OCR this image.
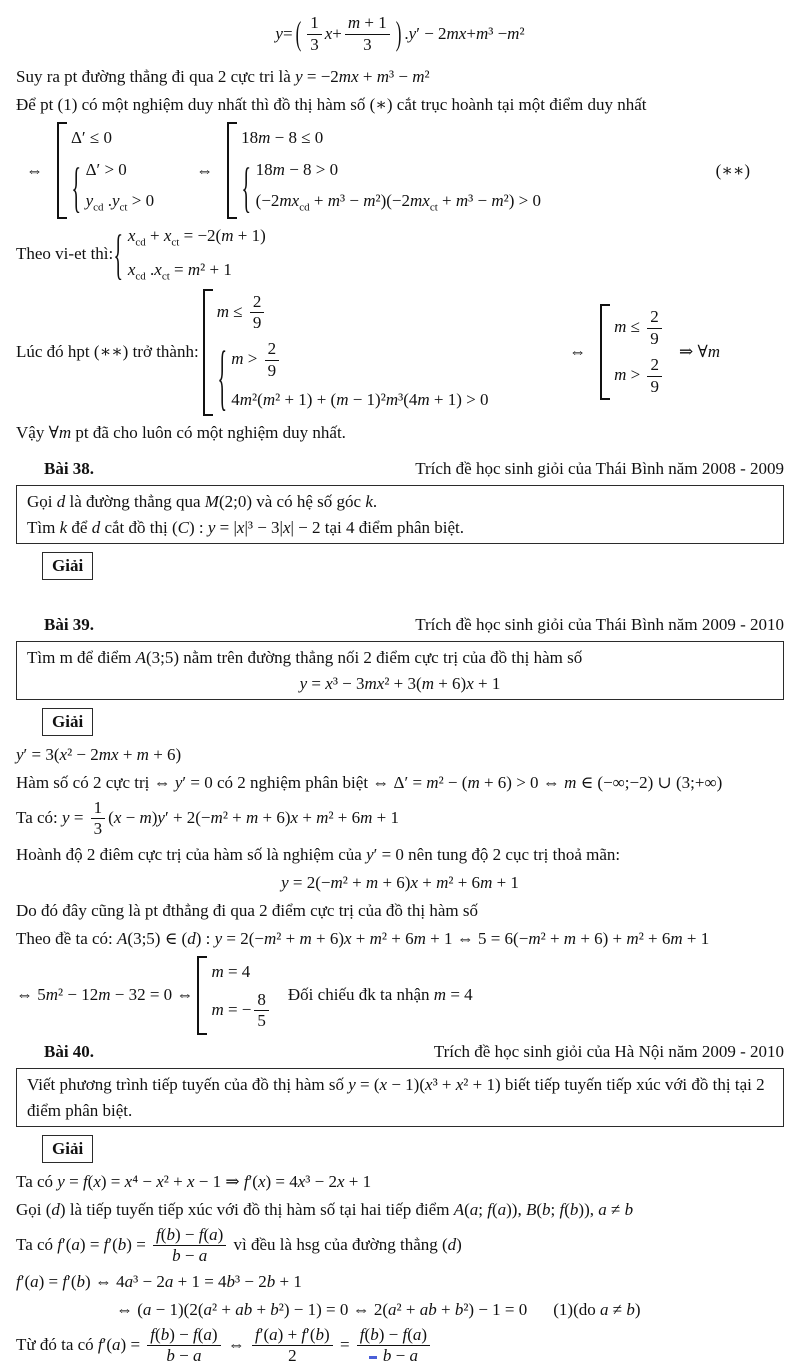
y = ( $\frac{1}{3}$ $x + \frac{m + 1}{3}$ ) . y ′ − 2 mx + m ³ − m ²
Suy ra pt đường thẳng đi qua 2 cực tri là y = −2mx + m³ − m²
Để pt (1) có một nghiệm duy nhất thì đồ thị hàm số (∗) cắt trục hoành tại một điểm duy nhất
⇔
Δ′ ≤ 0
{ Δ′ > 0
$y_{cd}$ $.y_{ct} > 0$
⇔
18m − 8 ≤ 0
{ 18m − 8 > 0
$(-2mx_{cd} + m^3 - m^2)(-2mx_{ct} + m^3 - m^2) > 0$
(∗∗)
Theo vi-et thì: { $x_{cd} + x_{ct} = -2(m + 1)$
$x_{cd}$ $.x_{ct} = m^2 + 1$
Lúc đó hpt (∗∗) trở thành:
$m \le \frac{2}{9}$
{ $m > \frac{2}{9}$
4m²(m² + 1) + (m − 1)²m³(4m + 1) > 0
⇔
$m \le \frac{2}{9}$
$m > \frac{2}{9}$
⇒ ∀m
Vậy ∀m pt đã cho luôn có một nghiệm duy nhất.
Bài 38.	Trích đề học sinh giỏi của Thái Bình năm 2008 - 2009
Gọi d là đường thẳng qua M(2;0) và có hệ số góc k.
Tìm k để d cắt đồ thị (C) : y = |x|³ − 3|x| − 2 tại 4 điểm phân biệt.
Giải
Bài 39.	Trích đề học sinh giỏi của Thái Bình năm 2009 - 2010
Tìm m để điểm A(3;5) nằm trên đường thẳng nối 2 điểm cực trị của đồ thị hàm số
y = x³ − 3mx² + 3(m + 6)x + 1
Giải
y′ = 3(x² − 2mx + m + 6)
Hàm số có 2 cực trị ⇔ y′ = 0 có 2 nghiệm phân biệt ⇔ Δ′ = m² − (m + 6) > 0 ⇔ m ∈ (−∞;−2) ∪ (3;+∞)
Ta có: $y = \frac{1}{3} (x - m)y' + 2(-m^2 + m + 6)x + m^2 + 6m + 1$
Hoành độ 2 điêm cực trị của hàm số là nghiệm của y′ = 0 nên tung độ 2 cục trị thoả mãn:
y = 2(−m² + m + 6)x + m² + 6m + 1
Do đó đây cũng là pt đthẳng đi qua 2 điểm cực trị của đồ thị hàm số
Theo đề ta có: A(3;5) ∈ (d) : y = 2(−m² + m + 6)x + m² + 6m + 1 ⇔ 5 = 6(−m² + m + 6) + m² + 6m + 1
⇔ 5m² − 12m − 32 = 0 ⇔
m = 4
m = − $\frac{8}{5}$ Đối chiếu đk ta nhận m = 4
Bài 40.	Trích đề học sinh giỏi của Hà Nội năm 2009 - 2010
Viết phương trình tiếp tuyến của đồ thị hàm số y = (x − 1)(x³ + x² + 1) biết tiếp tuyến tiếp xúc với đồ thị tại 2 điểm phân biệt.
Giải
Ta có y = f(x) = x⁴ − x² + x − 1 ⇒ f′(x) = 4x³ − 2x + 1
Gọi (d) là tiếp tuyến tiếp xúc với đồ thị hàm số tại hai tiếp điểm A(a; f(a)), B(b; f(b)), a ≠ b
Ta có $f'(a) = f'(b) = \frac{f(b) - f(a)}{b - a}$ vì đều là hsg của đường thẳng (d)
f′(a) = f′(b) ⇔ 4a³ − 2a + 1 = 4b³ − 2b + 1
⇔ (a − 1)(2(a² + ab + b²) − 1) = 0 ⇔ 2(a² + ab + b²) − 1 = 0 (1)(do a ≠ b)
Từ đó ta có $f'(a) = \frac{f(b) - f(a)}{b - a}$ ⇔ $\frac{f'(a) + f'(b)}{2} = \frac{f(b) - f(a)}{b - a}$
